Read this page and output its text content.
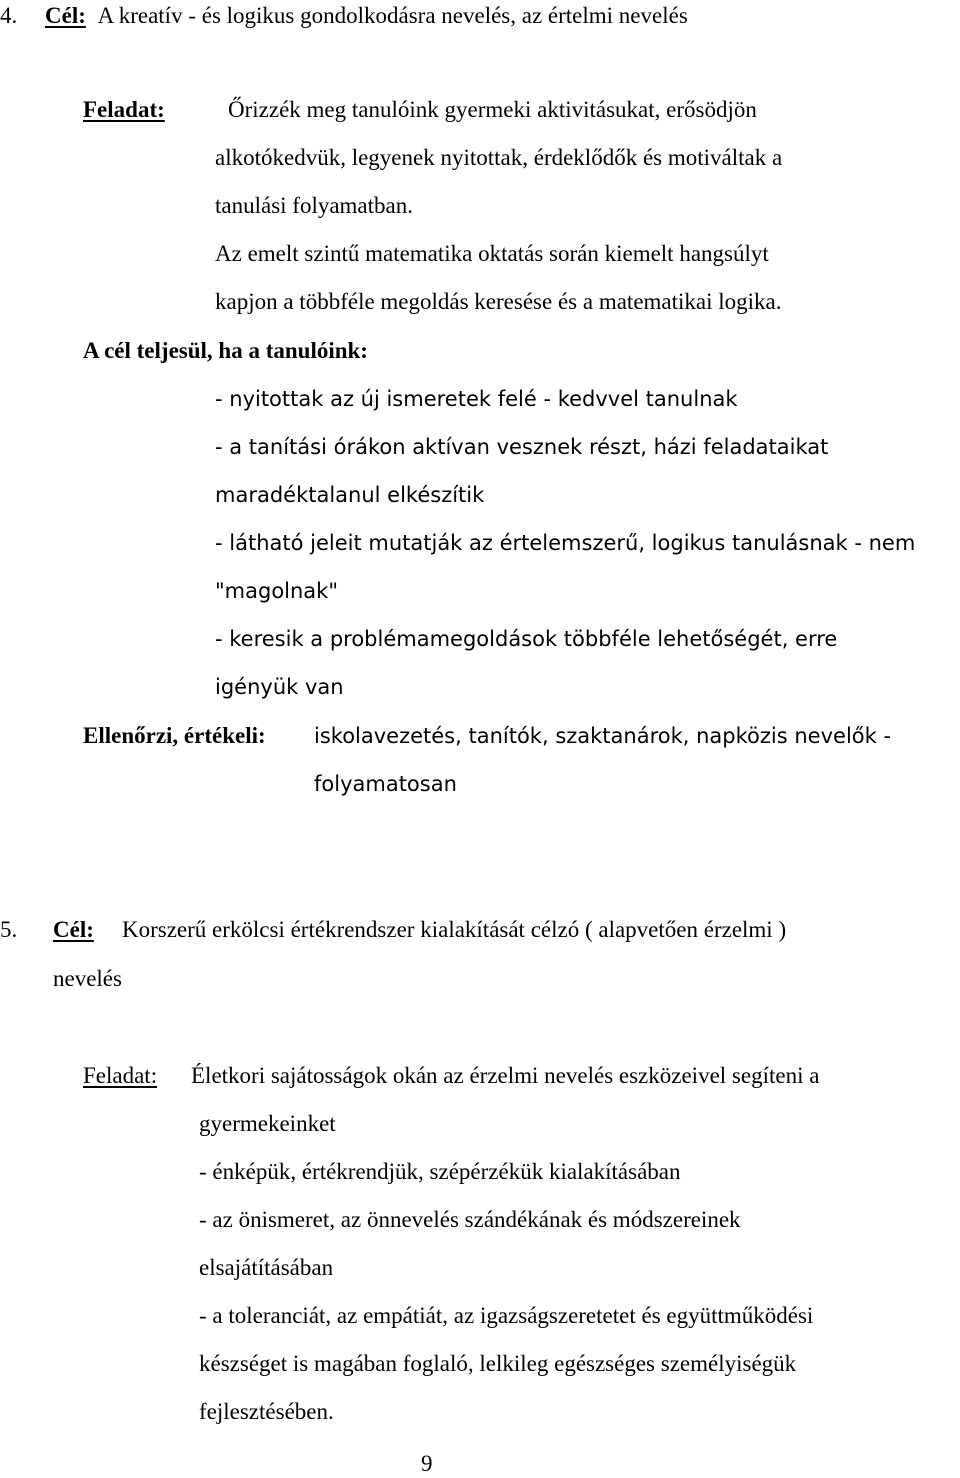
4. Cél: A kreatív - és logikus gondolkodásra nevelés, az értelmi nevelés
Feladat:	Őrizzék meg tanulóink gyermeki aktivitásukat, erősödjön
alkotókedvük, legyenek nyitottak, érdeklődők és motiváltak a
tanulási folyamatban.
Az emelt szintű matematika oktatás során kiemelt hangsúlyt
kapjon a többféle megoldás keresése és a matematikai logika.
A cél teljesül, ha a tanulóink:
- nyitottak az új ismeretek felé - kedvvel tanulnak
- a tanítási órákon aktívan vesznek részt, házi feladataikat
maradéktalanul elkészítik
- látható jeleit mutatják az értelemszerű, logikus tanulásnak - nem
"magolnak"
- keresik a problémamegoldások többféle lehetőségét, erre
igényük van
Ellenőrzi, értékeli: iskolavezetés, tanítók, szaktanárok, napközis nevelők -
folyamatosan
5. Cél: Korszerű erkölcsi értékrendszer kialakítását célzó ( alapvetően érzelmi )
nevelés
Feladat: Életkori sajátosságok okán az érzelmi nevelés eszközeivel segíteni a
gyermekeinket
- énképük, értékrendjük, szépérzékük kialakításában
- az önismeret, az önnevelés szándékának és módszereinek
elsajátításában
- a toleranciát, az empátiát, az igazságszeretetet és együttműködési
készséget is magában foglaló, lelkileg egészséges személyiségük
fejlesztésében.
9
